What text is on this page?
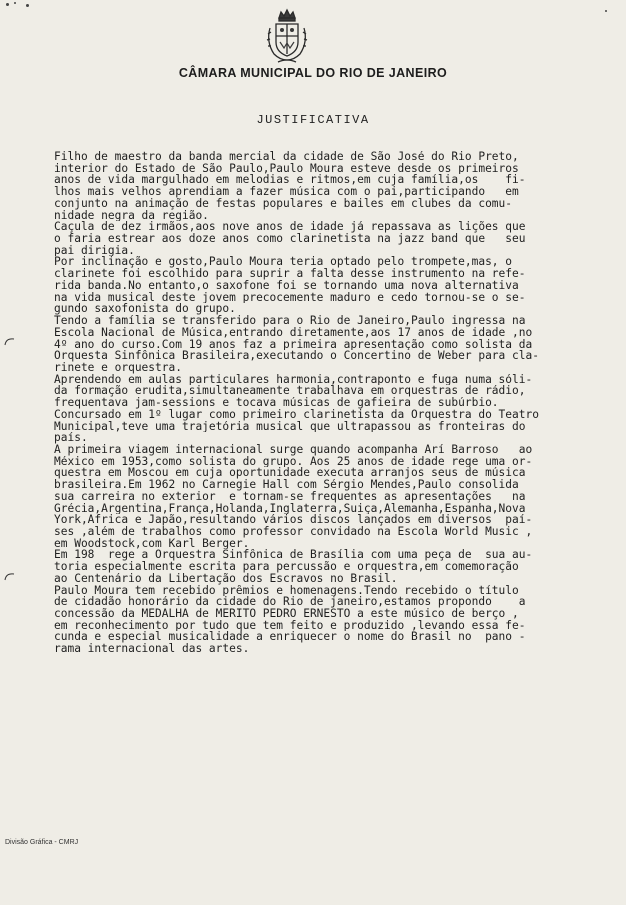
CÂMARA MUNICIPAL DO RIO DE JANEIRO
JUSTIFICATIVA
Filho de maestro da banda mercial da cidade de São José do Rio Preto,
interior do Estado de São Paulo,Paulo Moura esteve desde os primeiros
anos de vida margulhado em melodias e ritmos,em cuja família,os    fi-
lhos mais velhos aprendiam a fazer música com o pai,participando   em
conjunto na animação de festas populares e bailes em clubes da comu-
nidade negra da região.
Caçula de dez irmãos,aos nove anos de idade já repassava as lições que
o faria estrear aos doze anos como clarinetista na jazz band que   seu
pai dirigia.
Por inclinação e gosto,Paulo Moura teria optado pelo trompete,mas, o
clarinete foi escolhido para suprir a falta desse instrumento na refe-
rida banda.No entanto,o saxofone foi se tornando uma nova alternativa
na vida musical deste jovem precocemente maduro e cedo tornou-se o se-
gundo saxofonista do grupo.
Tendo a família se transferido para o Rio de Janeiro,Paulo ingressa na
Escola Nacional de Música,entrando diretamente,aos 17 anos de idade ,no
4º ano do curso.Com 19 anos faz a primeira apresentação como solista da
Orquesta Sinfônica Brasileira,executando o Concertino de Weber para cla-
rinete e orquestra.
Aprendendo em aulas particulares harmonia,contraponto e fuga numa sóli-
da formação erudita,simultaneamente trabalhava em orquestras de rádio,
frequentava jam-sessions e tocava músicas de gafieira de subúrbio.
Concursado em 1º lugar como primeiro clarinetista da Orquestra do Teatro
Municipal,teve uma trajetória musical que ultrapassou as fronteiras do
país.
A primeira viagem internacional surge quando acompanha Arí Barroso   ao
México em 1953,como solista do grupo. Aos 25 anos de idade rege uma or-
questra em Moscou em cuja oportunidade executa arranjos seus de música
brasileira.Em 1962 no Carnegie Hall com Sérgio Mendes,Paulo consolida
sua carreira no exterior  e tornam-se frequentes as apresentações   na
Grécia,Argentina,França,Holanda,Inglaterra,Suiça,Alemanha,Espanha,Nova
York,Africa e Japão,resultando vários discos lançados em diversos  paí-
ses ,além de trabalhos como professor convidado na Escola World Music ,
em Woodstock,com Karl Berger.
Em 198  rege a Orquestra Sinfônica de Brasília com uma peça de  sua au-
toria especialmente escrita para percussão e orquestra,em comemoração
ao Centenário da Libertação dos Escravos no Brasil.
Paulo Moura tem recebido prêmios e homenagens.Tendo recebido o título
de cidadão honorário da cidade do Rio de janeiro,estamos propondo    a
concessão da MEDALHA de MÉRITO PEDRO ERNESTO a este músico de berço ,
em reconhecimento por tudo que tem feito e produzido ,levando essa fe-
cunda e especial musicalidade a enriquecer o nome do Brasil no  pano -
rama internacional das artes.
Divisão Gráfica - CMRJ
